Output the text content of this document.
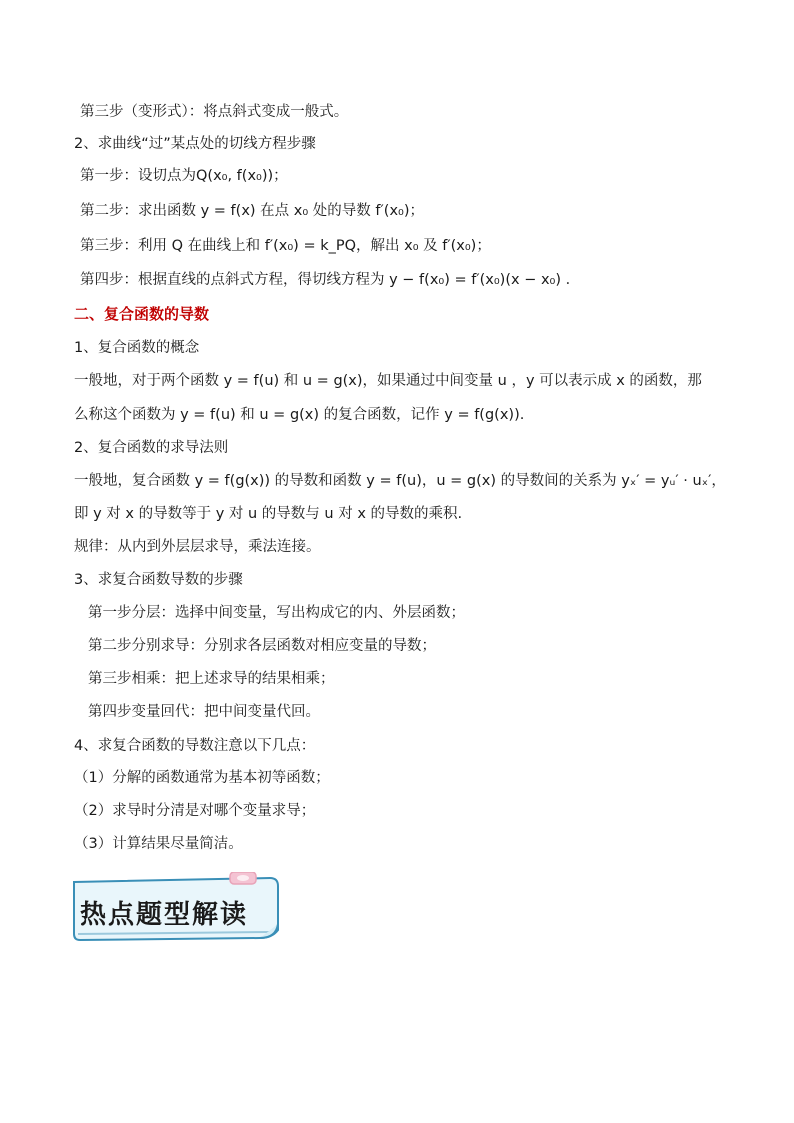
第三步（变形式）：将点斜式变成一般式。
2、求曲线“过”某点处的切线方程步骤
第一步：设切点为Q(x₀, f(x₀))；
第二步：求出函数 y = f(x) 在点 x₀ 处的导数 f′(x₀)；
第三步：利用 Q 在曲线上和 f′(x₀) = k_PQ，解出 x₀ 及 f′(x₀)；
第四步：根据直线的点斜式方程，得切线方程为 y − f(x₀) = f′(x₀)(x − x₀) ．
二、复合函数的导数
1、复合函数的概念
一般地，对于两个函数 y = f(u) 和 u = g(x)，如果通过中间变量 u ，y 可以表示成 x 的函数，那
么称这个函数为 y = f(u) 和 u = g(x) 的复合函数，记作 y = f(g(x)).
2、复合函数的求导法则
一般地，复合函数 y = f(g(x)) 的导数和函数 y = f(u)，u = g(x) 的导数间的关系为 yₓ′ = yᵤ′ · uₓ′，
即 y 对 x 的导数等于 y 对 u 的导数与 u 对 x 的导数的乘积.
规律：从内到外层层求导，乘法连接。
3、求复合函数导数的步骤
第一步分层：选择中间变量，写出构成它的内、外层函数；
第二步分别求导：分别求各层函数对相应变量的导数；
第三步相乘：把上述求导的结果相乘；
第四步变量回代：把中间变量代回。
4、求复合函数的导数注意以下几点：
（1）分解的函数通常为基本初等函数；
（2）求导时分清是对哪个变量求导；
（3）计算结果尽量简洁。
热点题型解读
